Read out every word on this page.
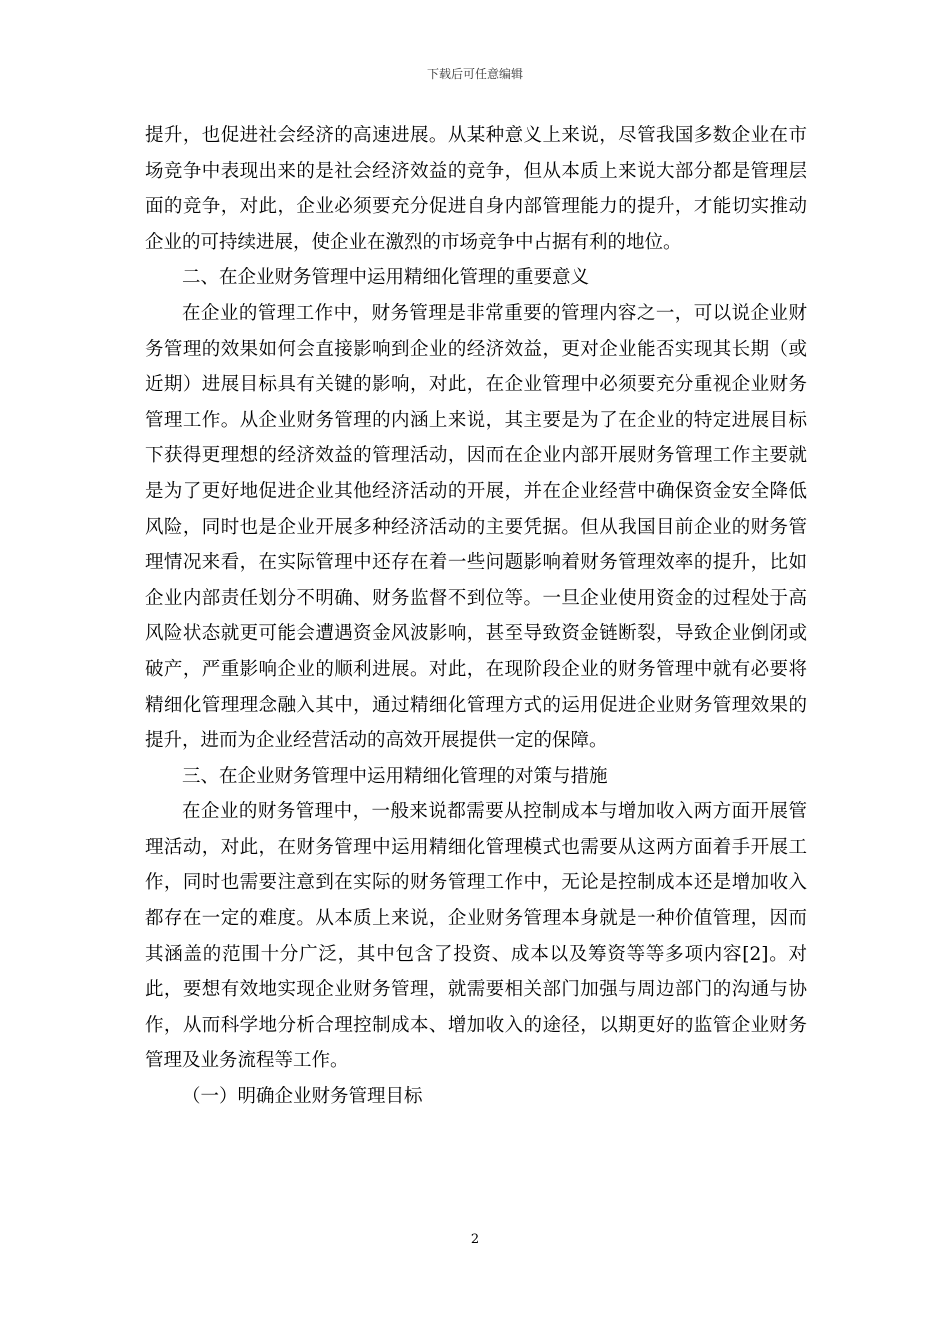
下载后可任意编辑

提升，也促进社会经济的高速进展。从某种意义上来说，尽管我国多数企业在市场竞争中表现出来的是社会经济效益的竞争，但从本质上来说大部分都是管理层面的竞争，对此，企业必须要充分促进自身内部管理能力的提升，才能切实推动企业的可持续进展，使企业在激烈的市场竞争中占据有利的地位。

二、在企业财务管理中运用精细化管理的重要意义

在企业的管理工作中，财务管理是非常重要的管理内容之一，可以说企业财务管理的效果如何会直接影响到企业的经济效益，更对企业能否实现其长期（或近期）进展目标具有关键的影响，对此，在企业管理中必须要充分重视企业财务管理工作。从企业财务管理的内涵上来说，其主要是为了在企业的特定进展目标下获得更理想的经济效益的管理活动，因而在企业内部开展财务管理工作主要就是为了更好地促进企业其他经济活动的开展，并在企业经营中确保资金安全降低风险，同时也是企业开展多种经济活动的主要凭据。但从我国目前企业的财务管理情况来看，在实际管理中还存在着一些问题影响着财务管理效率的提升，比如企业内部责任划分不明确、财务监督不到位等。一旦企业使用资金的过程处于高风险状态就更可能会遭遇资金风波影响，甚至导致资金链断裂，导致企业倒闭或破产，严重影响企业的顺利进展。对此，在现阶段企业的财务管理中就有必要将精细化管理理念融入其中，通过精细化管理方式的运用促进企业财务管理效果的提升，进而为企业经营活动的高效开展提供一定的保障。

三、在企业财务管理中运用精细化管理的对策与措施

在企业的财务管理中，一般来说都需要从控制成本与增加收入两方面开展管理活动，对此，在财务管理中运用精细化管理模式也需要从这两方面着手开展工作，同时也需要注意到在实际的财务管理工作中，无论是控制成本还是增加收入都存在一定的难度。从本质上来说，企业财务管理本身就是一种价值管理，因而其涵盖的范围十分广泛，其中包含了投资、成本以及筹资等等多项内容[2]。对此，要想有效地实现企业财务管理，就需要相关部门加强与周边部门的沟通与协作，从而科学地分析合理控制成本、增加收入的途径，以期更好的监管企业财务管理及业务流程等工作。

（一）明确企业财务管理目标

2
